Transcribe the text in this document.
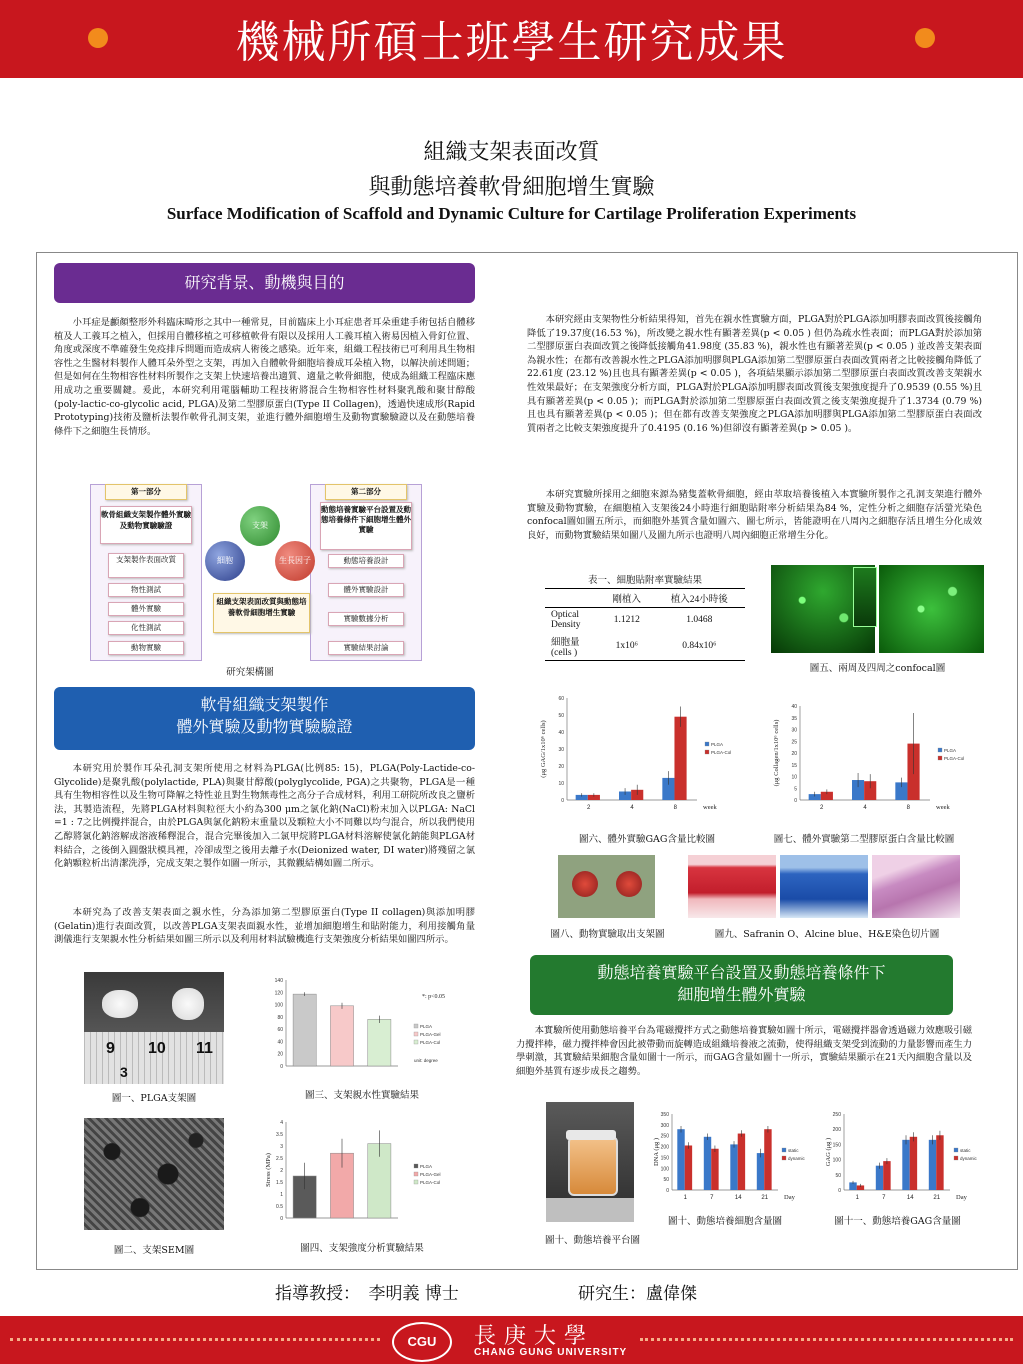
機械所碩士班學生研究成果
組織支架表面改質
與動態培養軟骨細胞增生實驗
Surface Modification of Scaffold and Dynamic Culture for Cartilage Proliferation Experiments
研究背景、動機與目的

小耳症是顱顏整形外科臨床畸形之其中一種常見，目前臨床上小耳症患者耳朵重建手術包括自體移植及人工義耳之植入，但採用自體移植之可移植軟骨有限以及採用人工義耳植入術易因植入骨釘位置、角度或深度不準確發生免疫排斥問題而造成病人術後之感染。近年來，組織工程技術已可利用具生物相容性之生醫材料製作人體耳朵外型之支架，再加入自體軟骨細胞培養成耳朵植入物，以解決前述問題；但是如何在生物相容性材料所製作之支架上快速培養出適質、適量之軟骨細胞，使成為組織工程臨床應用成功之重要關鍵。爰此，本研究利用電腦輔助工程技術將混合生物相容性材料聚乳酸和聚甘醇酸(poly-lactic-co-glycolic acid, PLGA)及第二型膠原蛋白(Type II Collagen)，透過快速成形(Rapid Prototyping)技術及鹽析法製作軟骨孔洞支架，並進行體外細胞增生及動物實驗驗證以及在動態培養條件下之細胞生長情形。

第一部分	第二部分
軟骨組織支架製作體外實驗及動物實驗驗證
動態培養實驗平台設置及動態培養條件下細胞增生體外實驗
支架製作表面改質
物性測試
體外實驗
化性測試
動物實驗
動態培養設計
體外實驗設計
實驗數據分析
實驗結果討論
支架
細胞	生長因子
組織支架表面改質與動態培養軟骨細胞增生實驗
研究架構圖
軟骨組織支架製作
體外實驗及動物實驗驗證

本研究用於製作耳朵孔洞支架所使用之材料為PLGA(比例85: 15)，PLGA(Poly-Lactide-co-Glycolide)是聚乳酸(polylactide, PLA)與聚甘醇酸(polyglycolide, PGA)之共聚物，PLGA是一種具有生物相容性以及生物可降解之特性並且對生物無毒性之高分子合成材料，利用工研院所改良之鹽析法，其製造流程，先將PLGA材料與粒徑大小約為300 μm之氯化鈉(NaCl)粉末加入以PLGA: NaCl =1 : 7之比例攪拌混合，由於PLGA與氯化鈉粉末重量以及顆粒大小不同難以均勻混合，所以我們使用乙醇將氯化鈉溶解成溶液稀釋混合，混合完畢後加入二氯甲烷將PLGA材料溶解使氯化鈉能與PLGA材料結合，之後倒入圓盤狀模具裡，冷卻成型之後用去離子水(Deionized water, DI water)將殘留之氯化鈉顆粒析出清潔洗淨，完成支架之製作如圖一所示，其微觀結構如圖二所示。

本研究為了改善支架表面之親水性，分為添加第二型膠原蛋白(Type II collagen)與添加明膠(Gelatin)進行表面改質，以改善PLGA支架表面親水性，並增加細胞增生和貼附能力，利用接觸角量測儀進行支架親水性分析結果如圖三所示以及利用材料試驗機進行支架強度分析結果如圖四所示。

9 10 11
3
圖一、PLGA支架圖
圖二、支架SEM圖
0
20
40
60
80
100
120
140
PLGA
PLGA-Gel
PLGA-Col
unit: degree
*: p<0.05
圖三、支架親水性實驗結果
0
0.5
1
1.5
2
2.5
3
3.5
4
Stress (MPa)	PLGA
PLGA-Gel
PLGA-Col
圖四、支架強度分析實驗結果

本研究經由支架物性分析結果得知，首先在親水性實驗方面，PLGA對於PLGA添加明膠表面改質後接觸角降低了19.37度(16.53 %)，所改變之親水性有顯著差異(p < 0.05 ) 但仍為疏水性表面；而PLGA對於添加第二型膠原蛋白表面改質之後降低接觸角41.98度 (35.83 %)，親水性也有顯著差異(p < 0.05 ) 並改善支架表面為親水性；在都有改善親水性之PLGA添加明膠與PLGA添加第二型膠原蛋白表面改質兩者之比較接觸角降低了22.61度 (23.12 %)且也具有顯著差異(p < 0.05 )，各項結果顯示添加第二型膠原蛋白表面改質改善支架親水性效果最好；在支架強度分析方面，PLGA對於PLGA添加明膠表面改質後支架強度提升了0.9539 (0.55 %)且具有顯著差異(p < 0.05 )；而PLGA對於添加第二型膠原蛋白表面改質之後支架強度提升了1.3734 (0.79 %)且也具有顯著差異(p < 0.05 )；但在都有改善支架強度之PLGA添加明膠與PLGA添加第二型膠原蛋白表面改質兩者之比較支架強度提升了0.4195 (0.16 %)但卻沒有顯著差異(p > 0.05 )。

本研究實驗所採用之細胞來源為豬隻蓋軟骨細胞，經由萃取培養後植入本實驗所製作之孔洞支架進行體外實驗及動物實驗，在細胞植入支架後24小時進行細胞貼附率分析結果為84 %，定性分析之細胞存活螢光染色confocal圖如圖五所示，而細胞外基質含量如圖六、圖七所示，皆能證明在八周內之細胞存活且增生分化成效良好，而動物實驗結果如圖八及圖九所示也證明八周內細胞正常增生分化。

表一、細胞貼附率實驗結果
	剛植入	植入24小時後

Optical
Density	1.1212	1.0468

細胞量
(cells )	1x10⁶	0.84x10⁶
圖五、兩周及四周之confocal圖
0
10
20
30
40
50
60
(μg GAG/1x10⁶ cells)
2	4	8	week
PLGA
PLGA-Col
0
5
10
15
20
25
30
35
40
(μg Collagen/1x10⁶ cells)
2	4	8	week
PLGA
PLGA-Col
圖六、體外實驗GAG含量比較圖	圖七、體外實驗第二型膠原蛋白含量比較圖
圖八、動物實驗取出支架圖	圖九、Safranin O、Alcine blue、H&E染色切片圖
動態培養實驗平台設置及動態培養條件下
細胞增生體外實驗

本實驗所使用動態培養平台為電磁攪拌方式之動態培養實驗如圖十所示，電磁攪拌器會透過磁力效應吸引磁力攪拌棒，磁力攪拌棒會因此被帶動而旋轉造成組織培養液之流動，使得組織支架受到流動的力量影響而產生力學刺激，其實驗結果細胞含量如圖十一所示，而GAG含量如圖十一所示，實驗結果顯示在21天內細胞含量以及細胞外基質有逐步成長之趨勢。

圖十、動態培養平台圖
0
50
100
150
200
250
300
350
DNA (μg )
1	7	14	21 Day
static
dynamic
0
50
100
150
200
250
GAG (μg )
1	7	14	21 Day
static
dynamic
圖十、動態培養細胞含量圖	圖十一、動態培養GAG含量圖
指導教授：　李明義 博士	研究生：盧偉傑
CGU	長庚大學
CHANG GUNG UNIVERSITY
